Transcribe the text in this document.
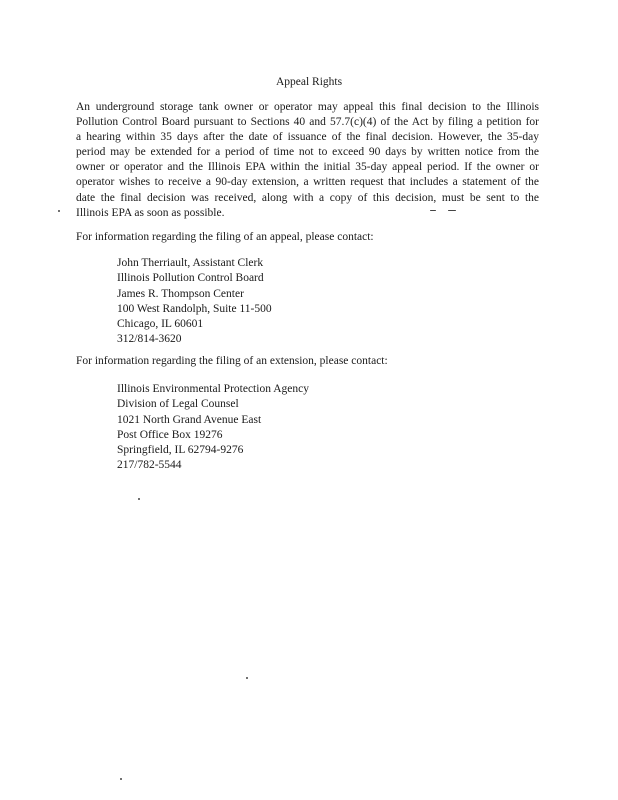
Appeal Rights

An underground storage tank owner or operator may appeal this final decision to the Illinois
Pollution Control Board pursuant to Sections 40 and 57.7(c)(4) of the Act by filing a petition for
a hearing within 35 days after the date of issuance of the final decision. However, the 35-day
period may be extended for a period of time not to exceed 90 days by written notice from the
owner or operator and the Illinois EPA within the initial 35-day appeal period. If the owner or
operator wishes to receive a 90-day extension, a written request that includes a statement of the
date the final decision was received, along with a copy of this decision, must be sent to the
Illinois EPA as soon as possible.

For information regarding the filing of an appeal, please contact:
John Therriault, Assistant Clerk
Illinois Pollution Control Board
James R. Thompson Center
100 West Randolph, Suite 11-500
Chicago, IL 60601
312/814-3620
For information regarding the filing of an extension, please contact:
Illinois Environmental Protection Agency
Division of Legal Counsel
1021 North Grand Avenue East
Post Office Box 19276
Springfield, IL 62794-9276
217/782-5544
